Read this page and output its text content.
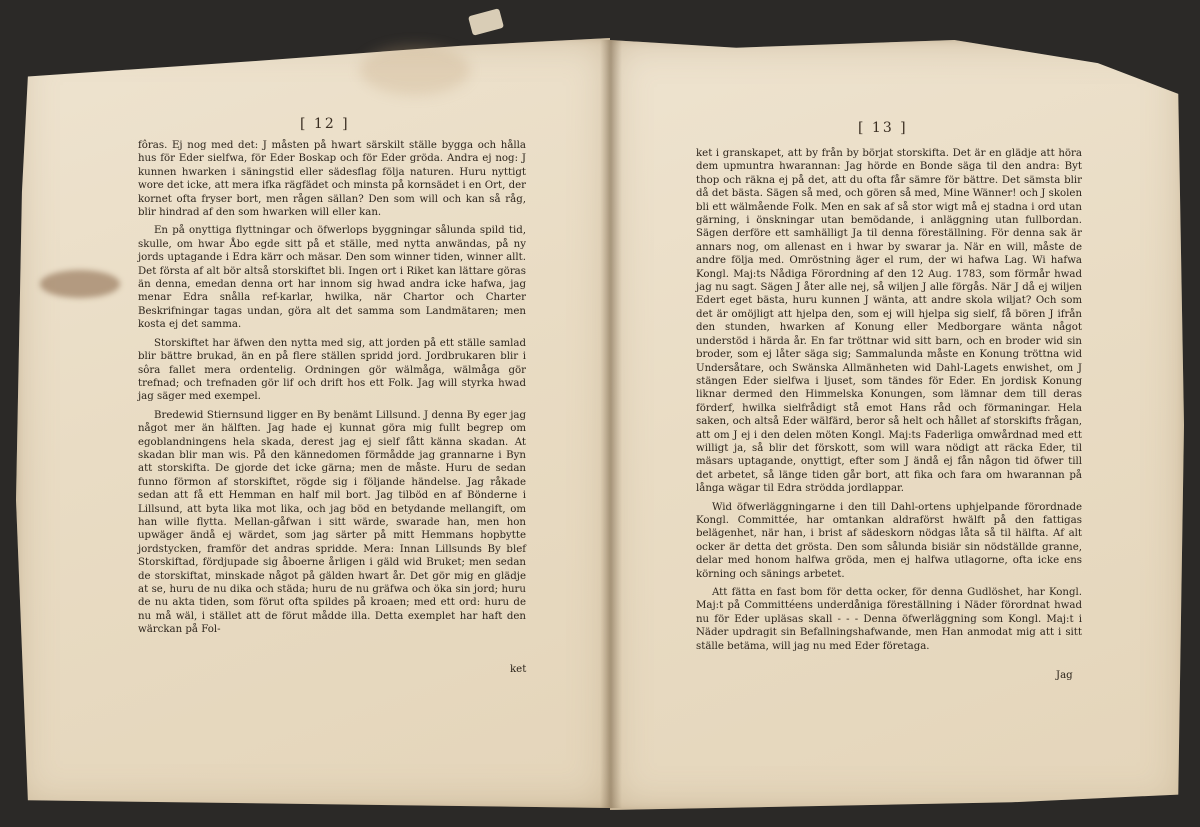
[ 12 ]	[ 13 ]

fôras. Ej nog med det: J måsten på hwart särskilt ställe bygga och hålla hus för Eder sielfwa, för Eder Boskap och för Eder gröda. Andra ej nog: J kunnen hwarken i säningstid eller sädesflag följa naturen. Huru nyttigt wore det icke, att mera ifka rägfädet och minsta på kornsädet i en Ort, der kornet ofta fryser bort, men rågen sällan? Den som will och kan så råg, blir hindrad af den som hwarken will eller kan.

En på onyttiga flyttningar och öfwerlops byggningar sålunda spild tid, skulle, om hwar Åbo egde sitt på et ställe, med nytta anwändas, på ny jords uptagande i Edra kärr och mäsar. Den som winner tiden, winner allt. Det första af alt bör altså storskiftet bli. Ingen ort i Riket kan lättare göras än denna, emedan denna ort har innom sig hwad andra icke hafwa, jag menar Edra snålla ref-karlar, hwilka, när Chartor och Charter Beskrifningar tagas undan, göra alt det samma som Landmätaren; men kosta ej det samma.

Storskiftet har äfwen den nytta med sig, att jorden på ett ställe samlad blir bättre brukad, än en på flere ställen spridd jord. Jordbrukaren blir i sôra fallet mera ordentelig. Ordningen gör wälmåga, wälmåga gör trefnad; och trefnaden gör lif och drift hos ett Folk. Jag will styrka hwad jag säger med exempel.

Bredewid Stiernsund ligger en By benämt Lillsund. J denna By eger jag något mer än hälften. Jag hade ej kunnat göra mig fullt begrep om egoblandningens hela skada, derest jag ej sielf fått känna skadan. At skadan blir man wis. På den kännedomen förmådde jag grannarne i Byn att storskifta. De gjorde det icke gärna; men de måste. Huru de sedan funno förmon af storskiftet, rögde sig i följande händelse. Jag råkade sedan att få ett Hemman en half mil bort. Jag tilböd en af Bönderne i Lillsund, att byta lika mot lika, och jag böd en betydande mellangift, om han wille flytta. Mellan-gåfwan i sitt wärde, swarade han, men hon upwäger ändå ej wärdet, som jag särter på mitt Hemmans hopbytte jordstycken, framför det andras spridde. Mera: Innan Lillsunds By blef Storskiftad, fördjupade sig åboerne årligen i gäld wid Bruket; men sedan de storskiftat, minskade något på gälden hwart år. Det gör mig en glädje at se, huru de nu dika och städa; huru de nu gräfwa och öka sin jord; huru de nu akta tiden, som förut ofta spildes på kroaen; med ett ord: huru de nu må wäl, i stället att de förut mådde illa. Detta exemplet har haft den wärckan på Fol-

ket

ket i granskapet, att by från by börjat storskifta. Det är en glädje att höra dem upmuntra hwarannan: Jag hörde en Bonde säga til den andra: Byt thop och räkna ej på det, att du ofta får sämre för bättre. Det sämsta blir då det bästa. Sägen så med, och gören så med, Mine Wänner! och J skolen bli ett wälmående Folk. Men en sak af så stor wigt må ej stadna i ord utan gärning, i önskningar utan bemödande, i anläggning utan fullbordan. Sägen derföre ett samhälligt Ja til denna föreställning. För denna sak är annars nog, om allenast en i hwar by swarar ja. När en will, måste de andre följa med. Omröstning äger el rum, der wi hafwa Lag. Wi hafwa Kongl. Maj:ts Nådiga Förordning af den 12 Aug. 1783, som förmår hwad jag nu sagt. Sägen J åter alle nej, så wiljen J alle förgås. När J då ej wiljen Edert eget bästa, huru kunnen J wänta, att andre skola wiljat? Och som det är omöjligt att hjelpa den, som ej will hjelpa sig sielf, få bören J ifrån den stunden, hwarken af Konung eller Medborgare wänta något understöd i härda år. En far tröttnar wid sitt barn, och en broder wid sin broder, som ej låter säga sig; Sammalunda måste en Konung tröttna wid Undersåtare, och Swänska Allmänheten wid Dahl-Lagets enwishet, om J stängen Eder sielfwa i ljuset, som tändes för Eder. En jordisk Konung liknar dermed den Himmelska Konungen, som lämnar dem till deras förderf, hwilka sielfrådigt stå emot Hans råd och förmaningar. Hela saken, och altså Eder wälfärd, beror så helt och hållet af storskifts frågan, att om J ej i den delen möten Kongl. Maj:ts Faderliga omwårdnad med ett willigt ja, så blir det förskott, som will wara nödigt att räcka Eder, til mäsars uptagande, onyttigt, efter som J ändå ej fån någon tid öfwer till det arbetet, så länge tiden går bort, att fika och fara om hwarannan på långa wägar til Edra strödda jordlappar.

Wid öfwerläggningarne i den till Dahl-ortens uphjelpande förordnade Kongl. Committée, har omtankan aldraförst hwälft på den fattigas belägenhet, när han, i brist af sädeskorn nödgas låta så til hälfta. Af alt ocker är detta det grösta. Den som sålunda bisiär sin nödställde granne, delar med honom halfwa gröda, men ej halfwa utlagorne, ofta icke ens körning och sänings arbetet.

Att fätta en fast bom för detta ocker, för denna Gudlöshet, har Kongl. Maj:t på Committéens underdåniga föreställning i Näder förordnat hwad nu för Eder upläsas skall - - - Denna öfwerläggning som Kongl. Maj:t i Näder updragit sin Befallningshafwande, men Han anmodat mig att i sitt ställe betäma, will jag nu med Eder företaga.

Jag
